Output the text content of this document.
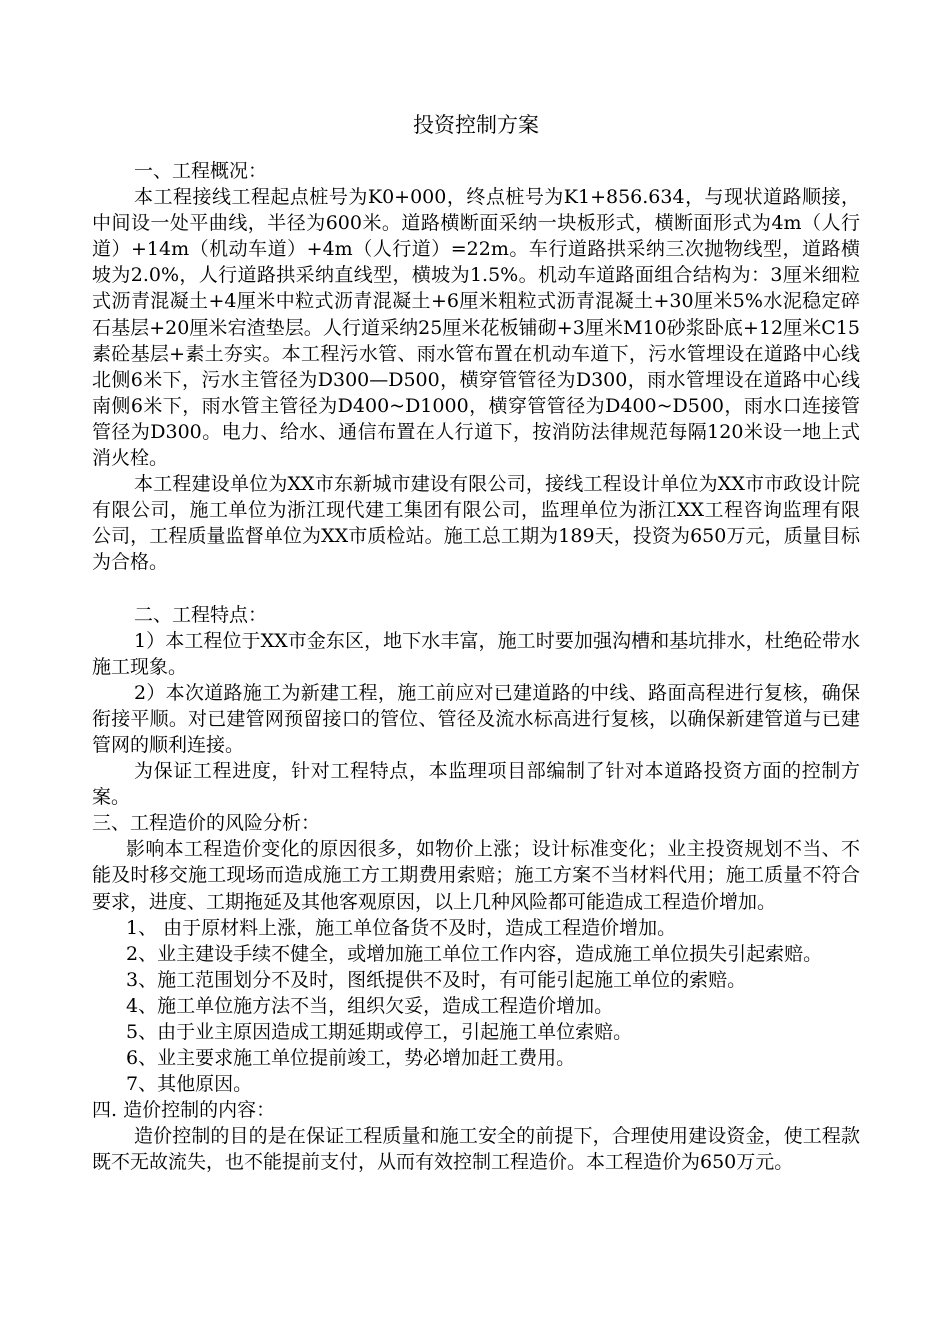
投资控制方案

一、工程概况：

本工程接线工程起点桩号为K0+000，终点桩号为K1+856.634，与现状道路顺接，中间设一处平曲线，半径为600米。道路横断面采纳一块板形式，横断面形式为4m（人行道）+14m（机动车道）+4m（人行道）=22m。车行道路拱采纳三次抛物线型，道路横坡为2.0%，人行道路拱采纳直线型，横坡为1.5%。机动车道路面组合结构为：3厘米细粒式沥青混凝土+4厘米中粒式沥青混凝土+6厘米粗粒式沥青混凝土+30厘米5%水泥稳定碎石基层+20厘米宕渣垫层。人行道采纳25厘米花板铺砌+3厘米M10砂浆卧底+12厘米C15素砼基层+素土夯实。本工程污水管、雨水管布置在机动车道下，污水管埋设在道路中心线北侧6米下，污水主管径为D300—D500，横穿管管径为D300，雨水管埋设在道路中心线南侧6米下，雨水管主管径为D400~D1000，横穿管管径为D400~D500，雨水口连接管管径为D300。电力、给水、通信布置在人行道下，按消防法律规范每隔120米设一地上式消火栓。

本工程建设单位为XX市东新城市建设有限公司，接线工程设计单位为XX市市政设计院有限公司，施工单位为浙江现代建工集团有限公司，监理单位为浙江XX工程咨询监理有限公司，工程质量监督单位为XX市质检站。施工总工期为189天，投资为650万元，质量目标为合格。

二、工程特点：

1）本工程位于XX市金东区，地下水丰富，施工时要加强沟槽和基坑排水，杜绝砼带水施工现象。

2）本次道路施工为新建工程，施工前应对已建道路的中线、路面高程进行复核，确保衔接平顺。对已建管网预留接口的管位、管径及流水标高进行复核，以确保新建管道与已建管网的顺利连接。

为保证工程进度，针对工程特点，本监理项目部编制了针对本道路投资方面的控制方案。

三、工程造价的风险分析：

影响本工程造价变化的原因很多，如物价上涨；设计标准变化；业主投资规划不当、不能及时移交施工现场而造成施工方工期费用索赔；施工方案不当材料代用；施工质量不符合要求，进度、工期拖延及其他客观原因，以上几种风险都可能造成工程造价增加。

1、 由于原材料上涨，施工单位备货不及时，造成工程造价增加。

2、业主建设手续不健全，或增加施工单位工作内容，造成施工单位损失引起索赔。

3、施工范围划分不及时，图纸提供不及时，有可能引起施工单位的索赔。

4、施工单位施方法不当，组织欠妥，造成工程造价增加。

5、由于业主原因造成工期延期或停工，引起施工单位索赔。

6、业主要求施工单位提前竣工，势必增加赶工费用。

7、其他原因。

四. 造价控制的内容：

造价控制的目的是在保证工程质量和施工安全的前提下，合理使用建设资金，使工程款既不无故流失，也不能提前支付，从而有效控制工程造价。本工程造价为650万元。
